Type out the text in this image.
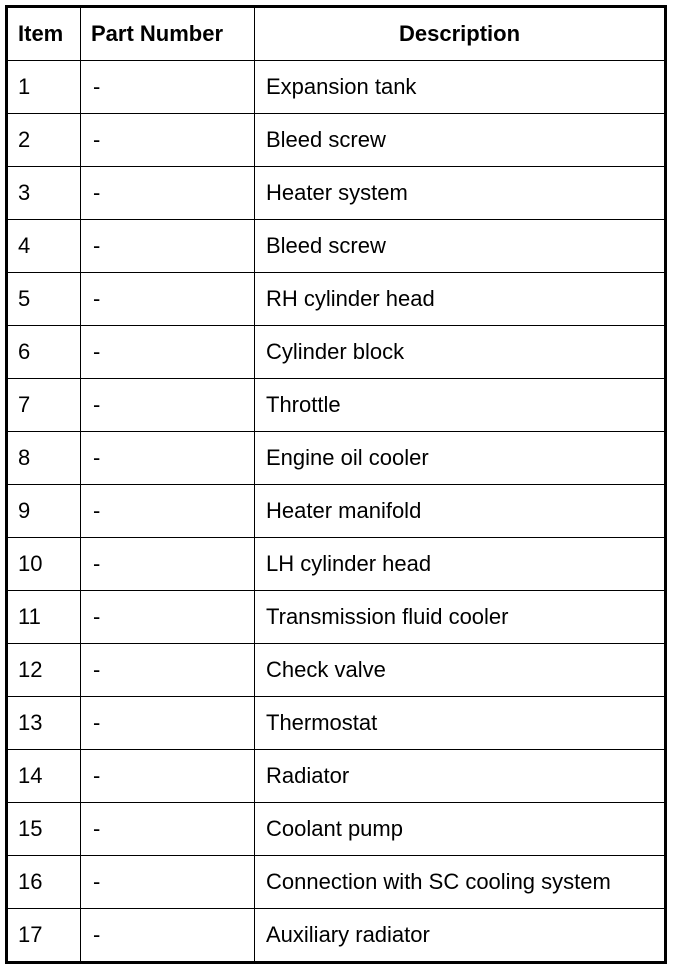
Item	Part Number	Description
1	-	Expansion tank
2	-	Bleed screw
3	-	Heater system
4	-	Bleed screw
5	-	RH cylinder head
6	-	Cylinder block
7	-	Throttle
8	-	Engine oil cooler
9	-	Heater manifold
10	-	LH cylinder head
11	-	Transmission fluid cooler
12	-	Check valve
13	-	Thermostat
14	-	Radiator
15	-	Coolant pump
16	-	Connection with SC cooling system
17	-	Auxiliary radiator
